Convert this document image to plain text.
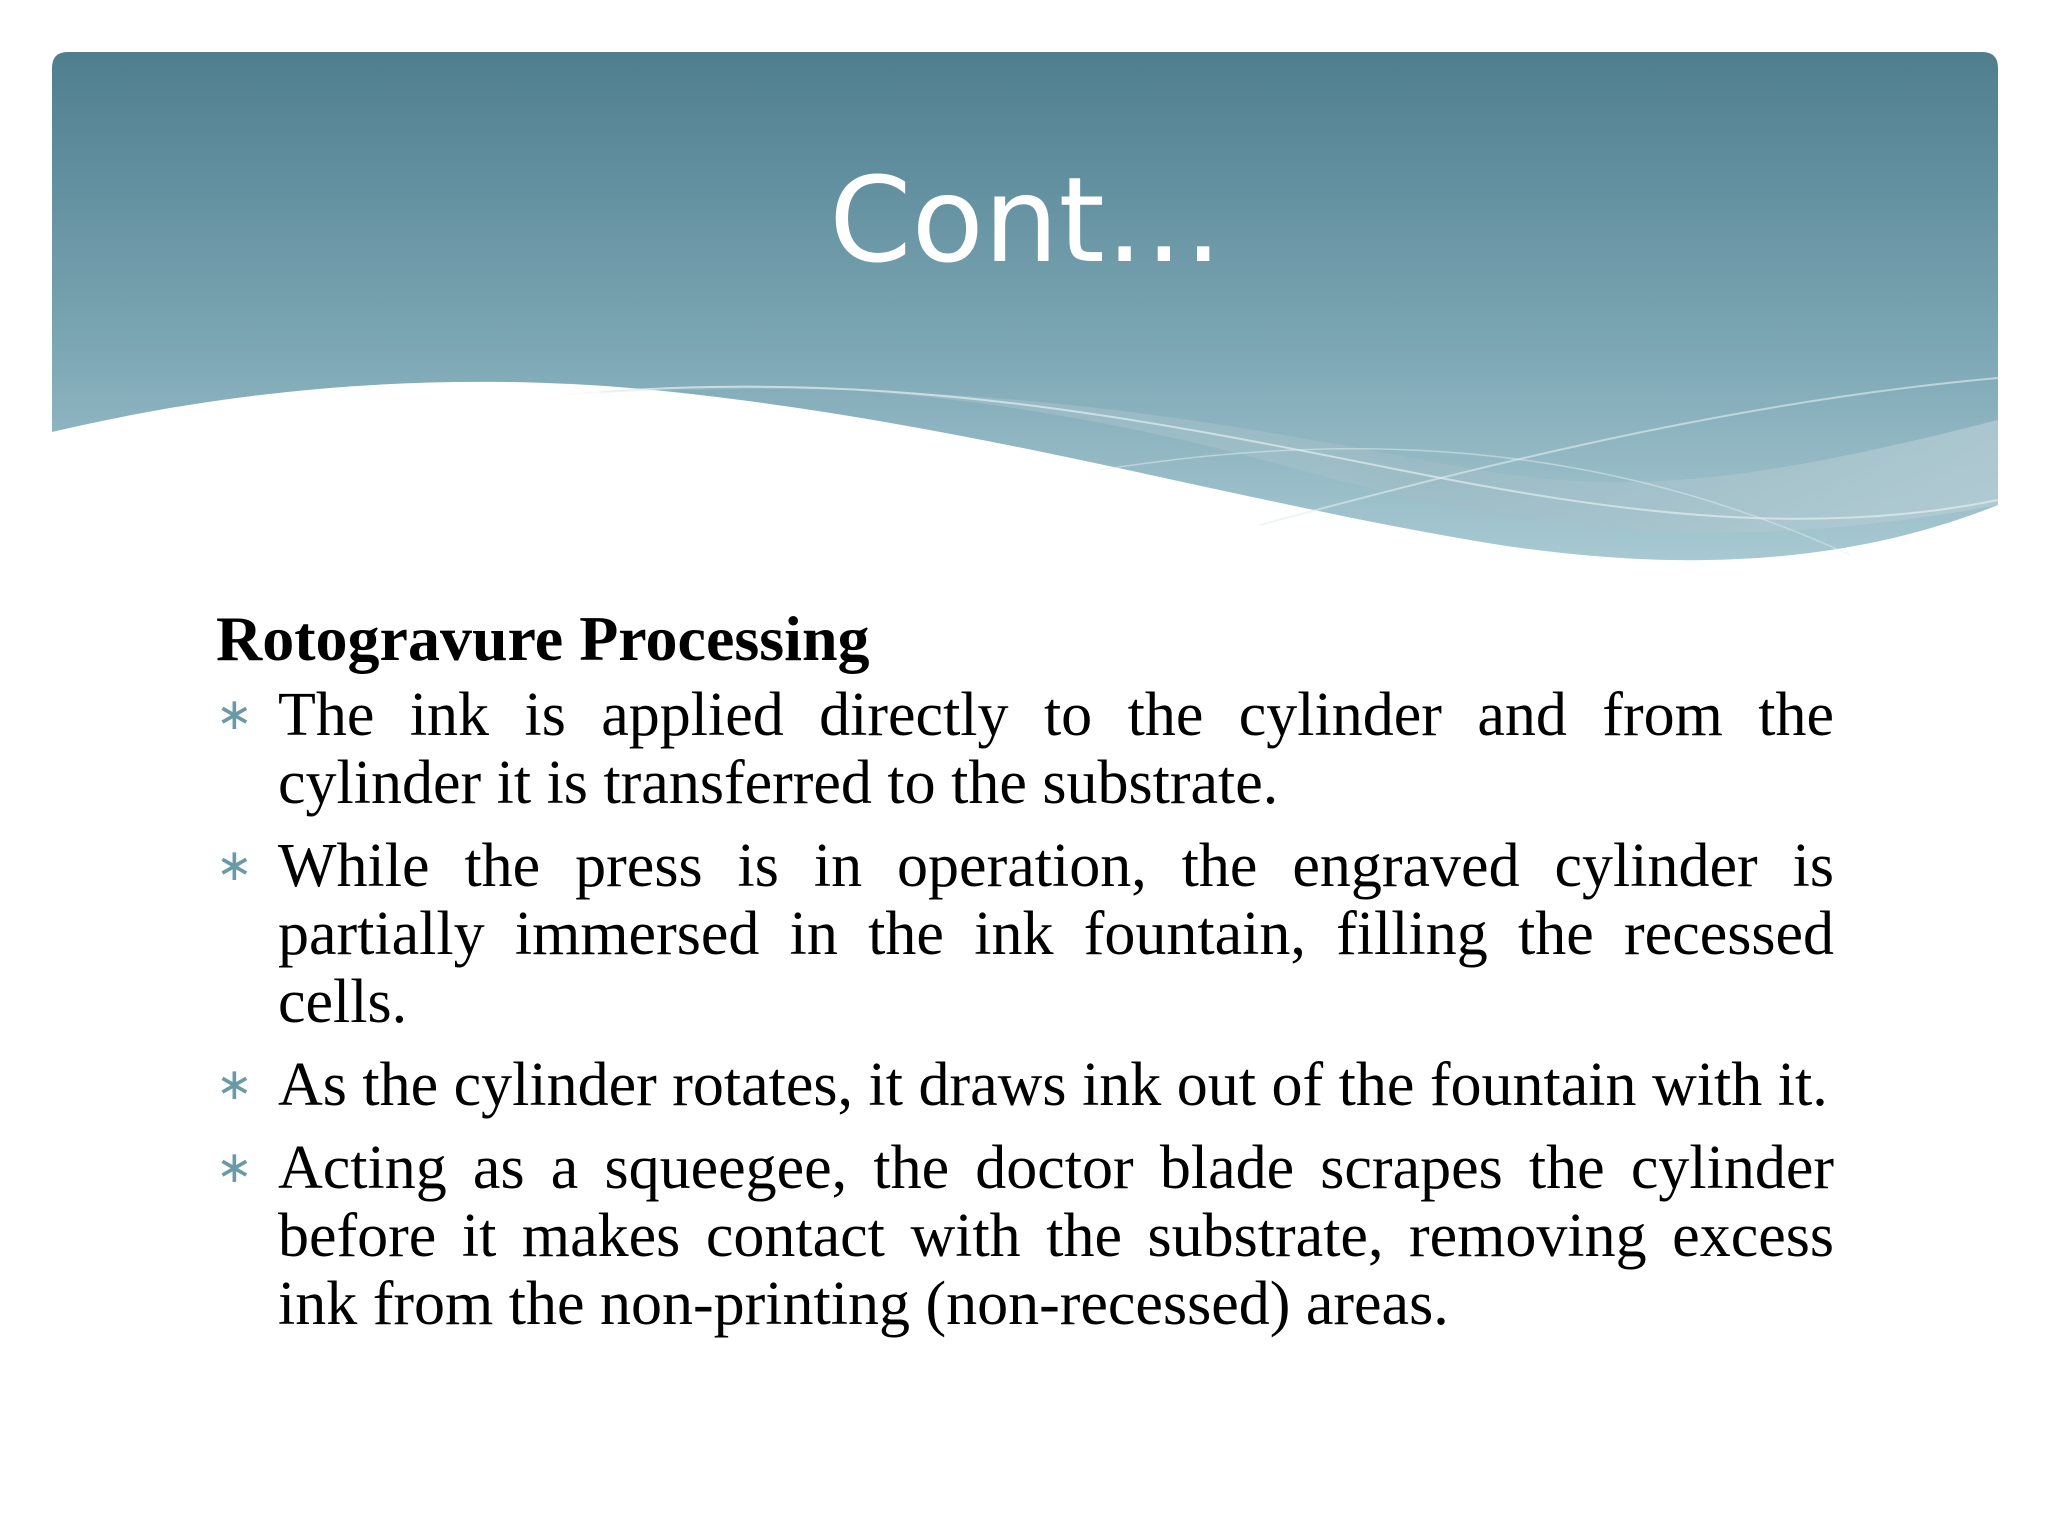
Cont…
Rotogravure Processing
∗ The ink is applied directly to the cylinder and from the cylinder it is transferred to the substrate.
∗ While the press is in operation, the engraved cylinder is partially immersed in the ink fountain, filling the recessed cells.
∗ As the cylinder rotates, it draws ink out of the fountain with it.
∗ Acting as a squeegee, the doctor blade scrapes the cylinder before it makes contact with the substrate, removing excess ink from the non-printing (non-recessed) areas.
